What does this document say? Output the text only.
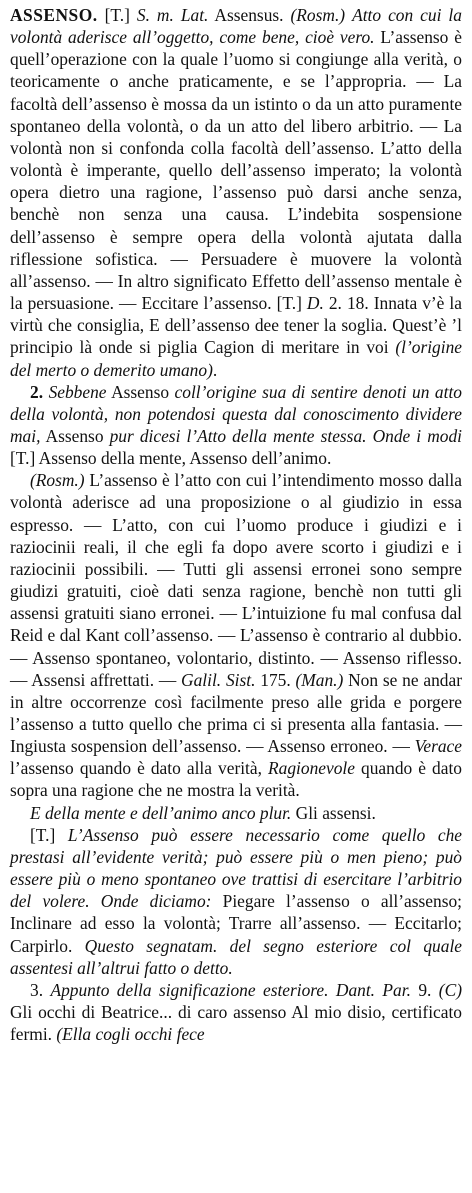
ASSENSO. [T.] S. m. Lat. Assensus. (Rosm.) Atto con cui la volontà aderisce all’oggetto, come bene, cioè vero. L’assenso è quell’operazione con la quale l’uomo si congiunge alla verità, o teoricamente o anche praticamente, e se l’appropria. — La facoltà dell’assenso è mossa da un istinto o da un atto puramente spontaneo della volontà, o da un atto del libero arbitrio. — La volontà non si confonda colla facoltà dell’assenso. L’atto della volontà è imperante, quello dell’assenso imperato; la volontà opera dietro una ragione, l’assenso può darsi anche senza, benchè non senza una causa. L’indebita sospensione dell’assenso è sempre opera della volontà ajutata dalla riflessione sofistica. — Persuadere è muovere la volontà all’assenso. — In altro significato Effetto dell’assenso mentale è la persuasione. — Eccitare l’assenso. [T.] D. 2. 18. Innata v’è la virtù che consiglia, E dell’assenso dee tener la soglia. Quest’è ’l principio là onde si piglia Cagion di meritare in voi (l’origine del merto o demerito umano).

2. Sebbene Assenso coll’origine sua di sentire denoti un atto della volontà, non potendosi questa dal conoscimento dividere mai, Assenso pur dicesi l’Atto della mente stessa. Onde i modi [T.] Assenso della mente, Assenso dell’animo.

(Rosm.) L’assenso è l’atto con cui l’intendimento mosso dalla volontà aderisce ad una proposizione o al giudizio in essa espresso. — L’atto, con cui l’uomo produce i giudizi e i raziocinii reali, il che egli fa dopo avere scorto i giudizi e i raziocinii possibili. — Tutti gli assensi erronei sono sempre giudizi gratuiti, cioè dati senza ragione, benchè non tutti gli assensi gratuiti siano erronei. — L’intuizione fu mal confusa dal Reid e dal Kant coll’assenso. — L’assenso è contrario al dubbio. — Assenso spontaneo, volontario, distinto. — Assenso riflesso. — Assensi affrettati. — Galil. Sist. 175. (Man.) Non se ne andar in altre occorrenze così facilmente preso alle grida e porgere l’assenso a tutto quello che prima ci si presenta alla fantasia. — Ingiusta sospension dell’assenso. — Assenso erroneo. — Verace l’assenso quando è dato alla verità, Ragionevole quando è dato sopra una ragione che ne mostra la verità.

E della mente e dell’animo anco plur. Gli assensi.

[T.] L’Assenso può essere necessario come quello che prestasi all’evidente verità; può essere più o men pieno; può essere più o meno spontaneo ove trattisi di esercitare l’arbitrio del volere. Onde diciamo: Piegare l’assenso o all’assenso; Inclinare ad esso la volontà; Trarre all’assenso. — Eccitarlo; Carpirlo. Questo segnatam. del segno esteriore col quale assentesi all’altrui fatto o detto.

3. Appunto della significazione esteriore. Dant. Par. 9. (C) Gli occhi di Beatrice... di caro assenso Al mio disio, certificato fermi. (Ella cogli occhi fece
